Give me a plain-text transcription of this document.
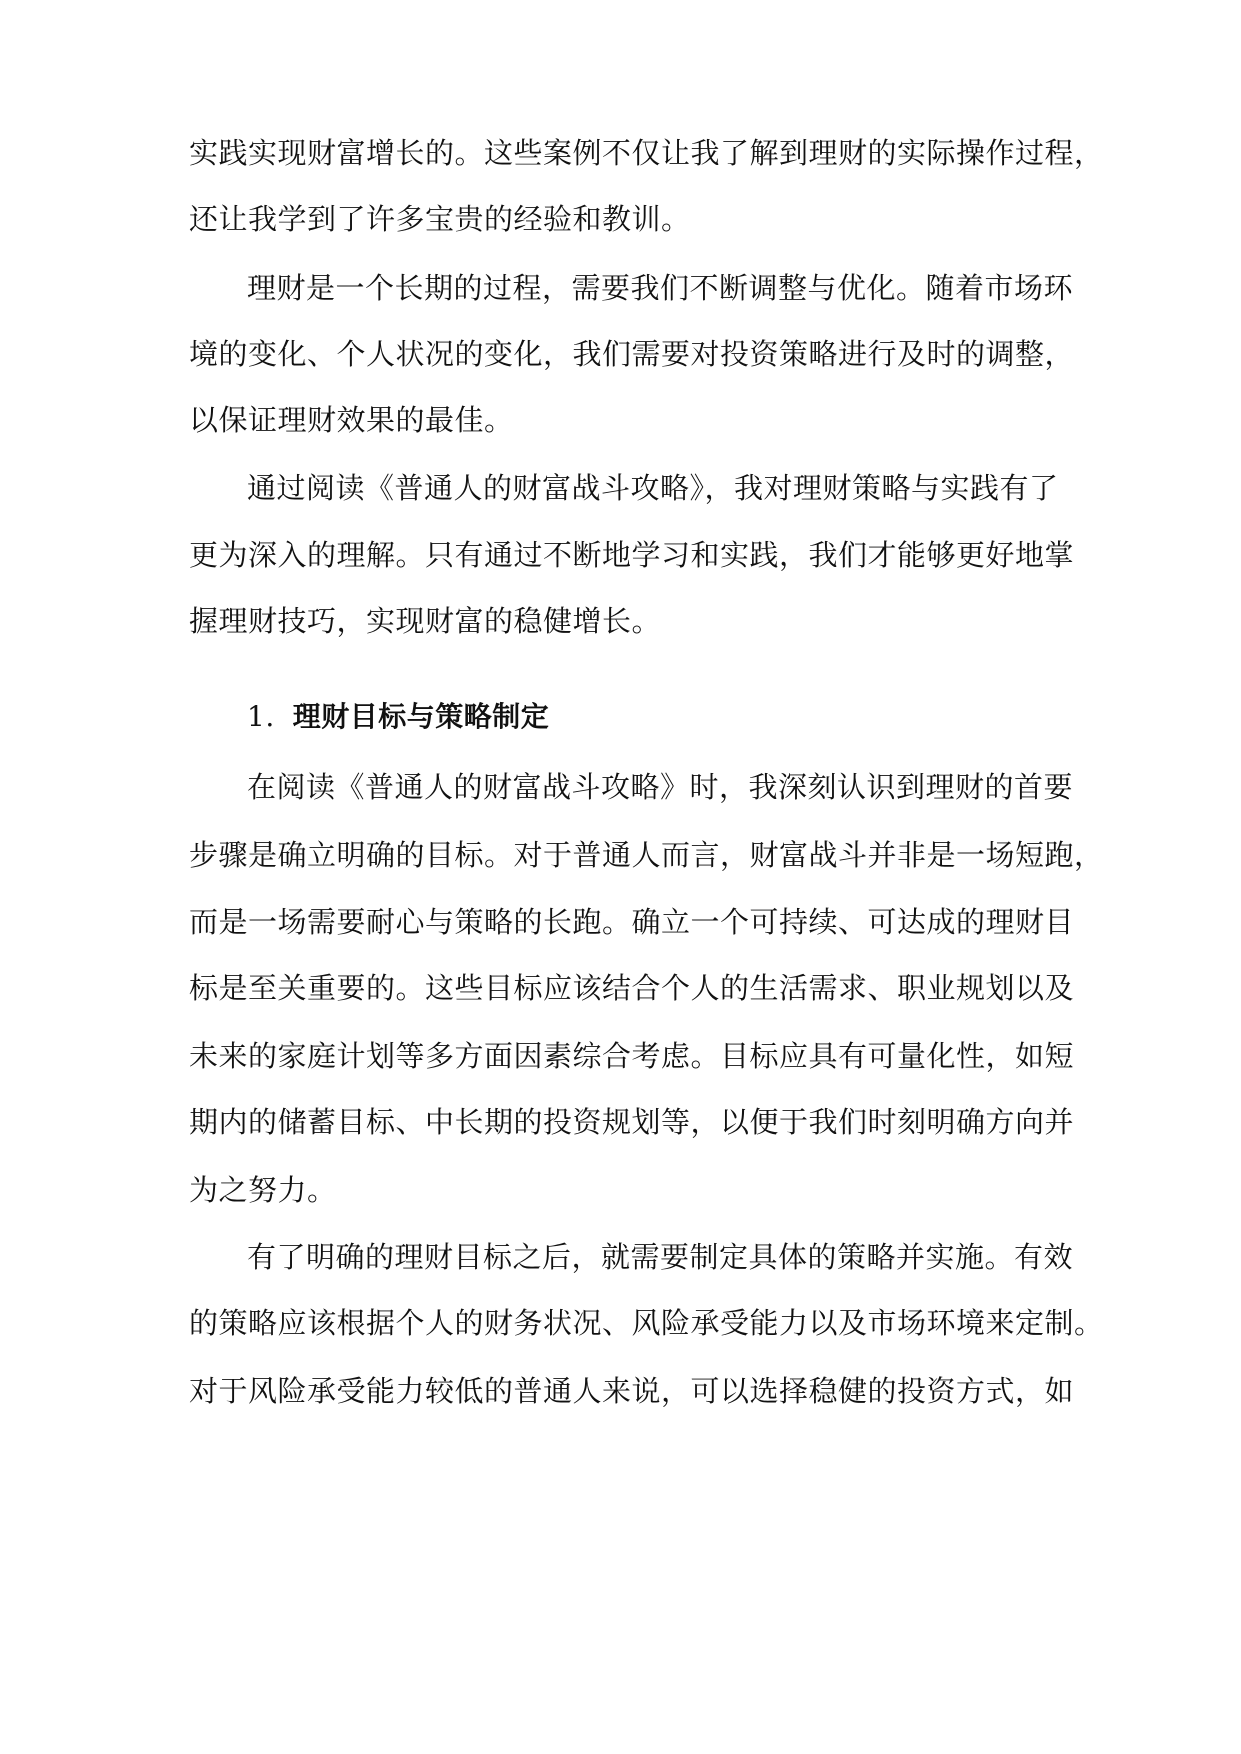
实践实现财富增长的。这些案例不仅让我了解到理财的实际操作过程，
还让我学到了许多宝贵的经验和教训。
理财是一个长期的过程，需要我们不断调整与优化。随着市场环
境的变化、个人状况的变化，我们需要对投资策略进行及时的调整，
以保证理财效果的最佳。
通过阅读《普通人的财富战斗攻略》，我对理财策略与实践有了
更为深入的理解。只有通过不断地学习和实践，我们才能够更好地掌
握理财技巧，实现财富的稳健增长。
1. 理财目标与策略制定
在阅读《普通人的财富战斗攻略》时，我深刻认识到理财的首要
步骤是确立明确的目标。对于普通人而言，财富战斗并非是一场短跑，
而是一场需要耐心与策略的长跑。确立一个可持续、可达成的理财目
标是至关重要的。这些目标应该结合个人的生活需求、职业规划以及
未来的家庭计划等多方面因素综合考虑。目标应具有可量化性，如短
期内的储蓄目标、中长期的投资规划等，以便于我们时刻明确方向并
为之努力。
有了明确的理财目标之后，就需要制定具体的策略并实施。有效
的策略应该根据个人的财务状况、风险承受能力以及市场环境来定制。
对于风险承受能力较低的普通人来说，可以选择稳健的投资方式，如
